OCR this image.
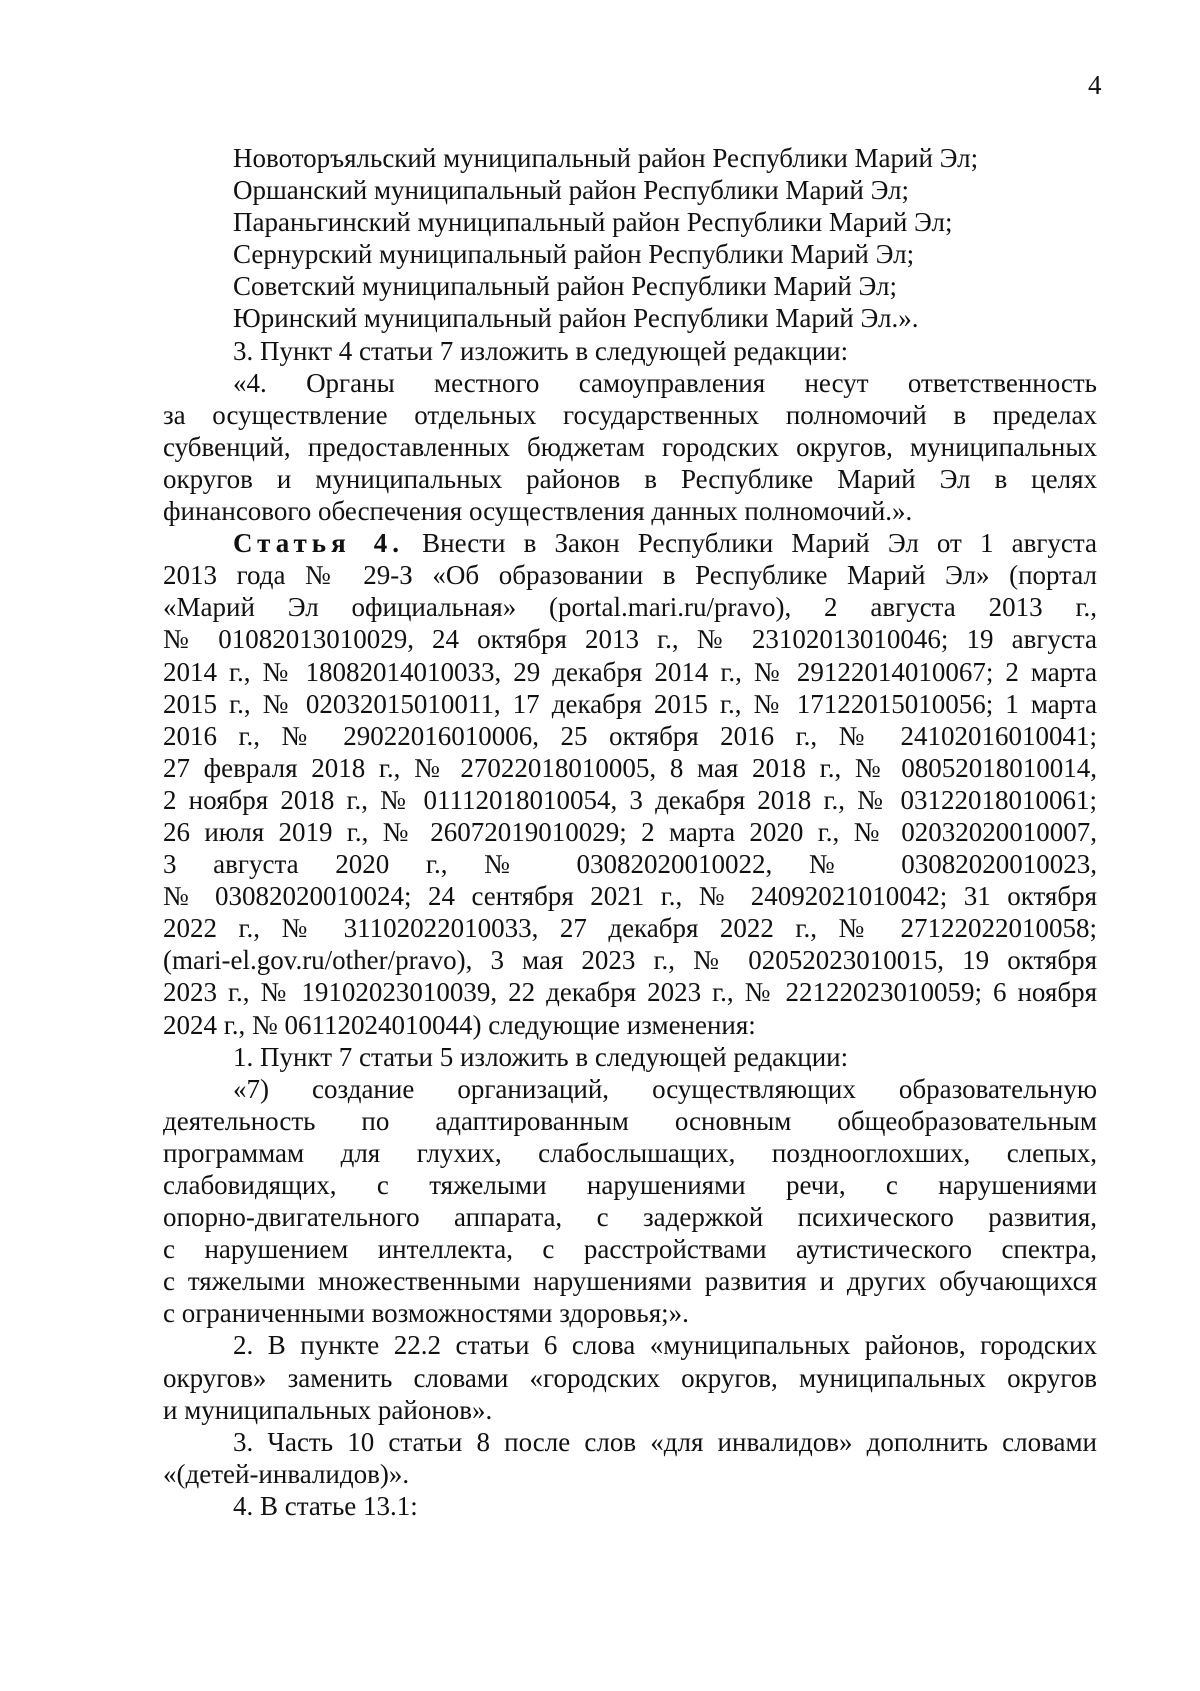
4
Новоторъяльский муниципальный район Республики Марий Эл;
Оршанский муниципальный район Республики Марий Эл;
Параньгинский муниципальный район Республики Марий Эл;
Сернурский муниципальный район Республики Марий Эл;
Советский муниципальный район Республики Марий Эл;
Юринский муниципальный район Республики Марий Эл.».
3. Пункт 4 статьи 7 изложить в следующей редакции:
«4. Органы местного самоуправления несут ответственность
за осуществление отдельных государственных полномочий в пределах
субвенций, предоставленных бюджетам городских округов, муниципальных
округов и муниципальных районов в Республике Марий Эл в целях
финансового обеспечения осуществления данных полномочий.».
Статья 4. Внести в Закон Республики Марий Эл от 1 августа
2013 года № 29-З «Об образовании в Республике Марий Эл» (портал
«Марий Эл официальная» (portal.mari.ru/pravo), 2 августа 2013 г.,
№ 01082013010029, 24 октября 2013 г., № 23102013010046; 19 августа
2014 г., № 18082014010033, 29 декабря 2014 г., № 29122014010067; 2 марта
2015 г., № 02032015010011, 17 декабря 2015 г., № 17122015010056; 1 марта
2016 г., № 29022016010006, 25 октября 2016 г., № 24102016010041;
27 февраля 2018 г., № 27022018010005, 8 мая 2018 г., № 08052018010014,
2 ноября 2018 г., № 01112018010054, 3 декабря 2018 г., № 03122018010061;
26 июля 2019 г., № 26072019010029; 2 марта 2020 г., № 02032020010007,
3 августа 2020 г., № 03082020010022, № 03082020010023,
№ 03082020010024; 24 сентября 2021 г., № 24092021010042; 31 октября
2022 г., № 31102022010033, 27 декабря 2022 г., № 27122022010058;
(mari-el.gov.ru/other/pravo), 3 мая 2023 г., № 02052023010015, 19 октября
2023 г., № 19102023010039, 22 декабря 2023 г., № 22122023010059; 6 ноября
2024 г., № 06112024010044) следующие изменения:
1. Пункт 7 статьи 5 изложить в следующей редакции:
«7) создание организаций, осуществляющих образовательную
деятельность по адаптированным основным общеобразовательным
программам для глухих, слабослышащих, позднооглохших, слепых,
слабовидящих, с тяжелыми нарушениями речи, с нарушениями
опорно-двигательного аппарата, с задержкой психического развития,
с нарушением интеллекта, с расстройствами аутистического спектра,
с тяжелыми множественными нарушениями развития и других обучающихся
с ограниченными возможностями здоровья;».
2. В пункте 22.2 статьи 6 слова «муниципальных районов, городских
округов» заменить словами «городских округов, муниципальных округов
и муниципальных районов».
3. Часть 10 статьи 8 после слов «для инвалидов» дополнить словами
«(детей-инвалидов)».
4. В статье 13.1:
